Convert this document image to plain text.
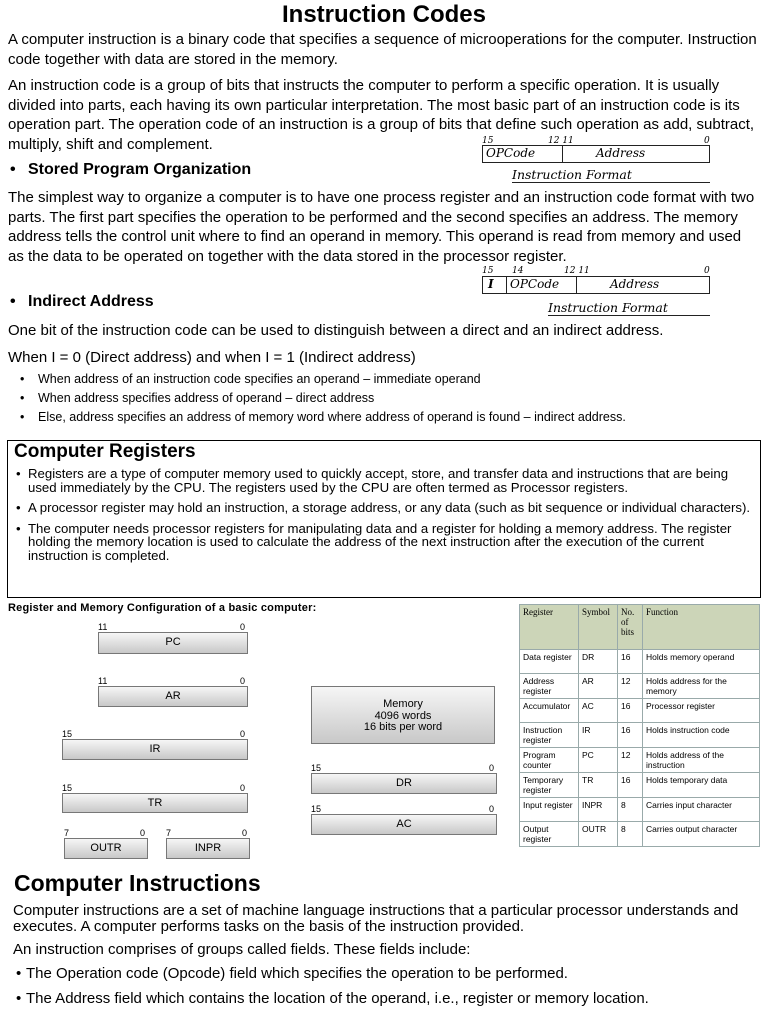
Instruction Codes
A computer instruction is a binary code that specifies a sequence of microoperations for the computer. Instruction code together with data are stored in the memory.
An instruction code is a group of bits that instructs the computer to perform a specific operation. It is usually divided into parts, each having its own particular interpretation. The most basic part of an instruction code is its operation part. The operation code of an instruction is a group of bits that define such operation as add, subtract, multiply, shift and complement.	15	12 11	0
OPCode	Address
Instruction Format
• Stored Program Organization
The simplest way to organize a computer is to have one process register and an instruction code format with two parts. The first part specifies the operation to be performed and the second specifies an address. The memory address tells the control unit where to find an operand in memory. This operand is read from memory and used as the data to be operated on together with the data stored in the processor register.
15 14	12 11	0
I OPCode	Address
Instruction Format
• Indirect Address
One bit of the instruction code can be used to distinguish between a direct and an indirect address.
When I = 0 (Direct address) and when I = 1 (Indirect address)
• When address of an instruction code specifies an operand – immediate operand
• When address specifies address of operand – direct address
• Else, address specifies an address of memory word where address of operand is found – indirect address.
Computer Registers
• Registers are a type of computer memory used to quickly accept, store, and transfer data and instructions that are being used immediately by the CPU. The registers used by the CPU are often termed as Processor registers.
• A processor register may hold an instruction, a storage address, or any data (such as bit sequence or individual characters).
• The computer needs processor registers for manipulating data and a register for holding a memory address. The register holding the memory location is used to calculate the address of the next instruction after the execution of the current instruction is completed.
Register and Memory Configuration of a basic computer:
11	0
PC
11	0
AR
15	0
IR
15	0
TR
7	0
OUTR
7	0
INPR
Memory
4096 words
16 bits per word
15	0
DR
15	0
AC
Register	Symbol	No. of bits	Function
Data register	DR	16	Holds memory operand
Address register	AR	12	Holds address for the memory
Accumulator	AC	16	Processor register
Instruction register	IR	16	Holds instruction code
Program counter	PC	12	Holds address of the instruction
Temporary register	TR	16	Holds temporary data
Input register	INPR	8	Carries input character
Output register	OUTR	8	Carries output character
Computer Instructions
Computer instructions are a set of machine language instructions that a particular processor understands and executes. A computer performs tasks on the basis of the instruction provided.
An instruction comprises of groups called fields. These fields include:
• The Operation code (Opcode) field which specifies the operation to be performed.
• The Address field which contains the location of the operand, i.e., register or memory location.
